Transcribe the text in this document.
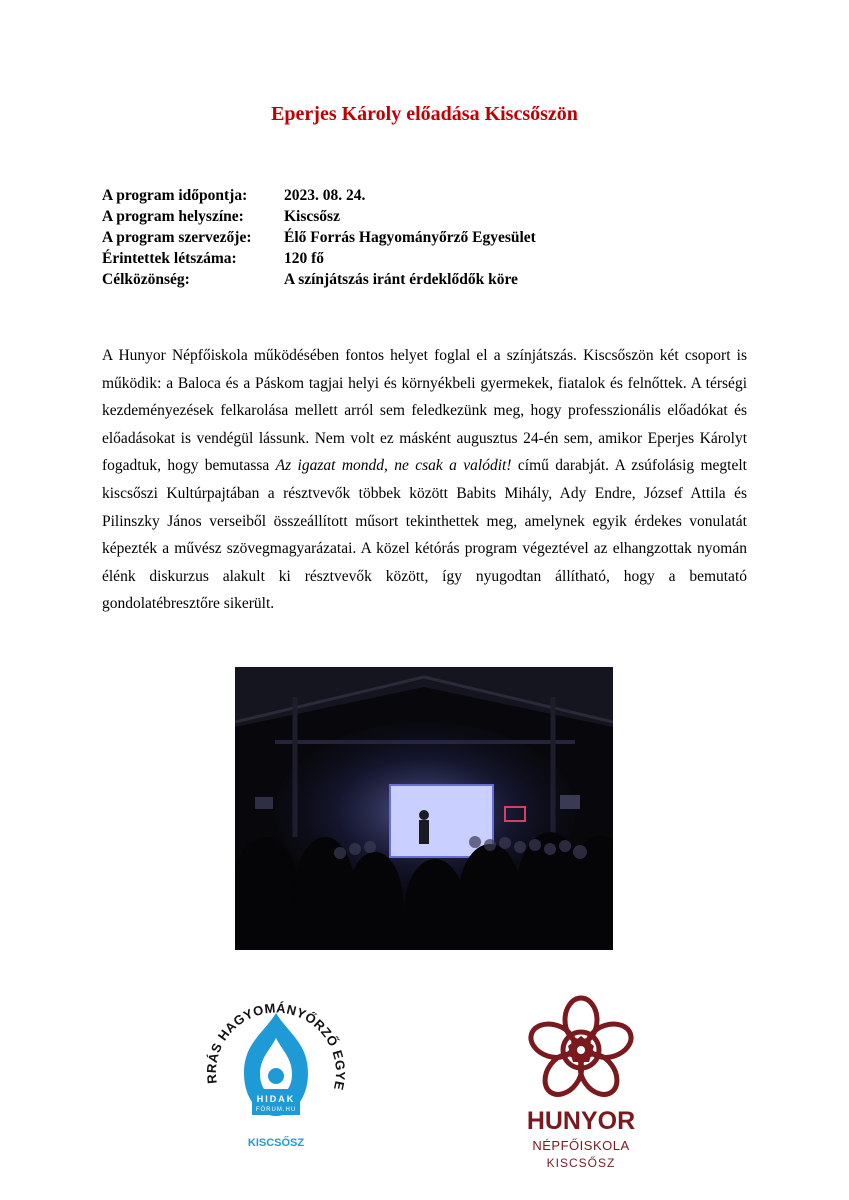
Eperjes Károly előadása Kiscsőszön
A program időpontja:	2023. 08. 24.
A program helyszíne:	Kiscsősz
A program szervezője:	Élő Forrás Hagyományőrző Egyesület
Érintettek létszáma:	120 fő
Célközönség:	A színjátszás iránt érdeklődők köre
A Hunyor Népfőiskola működésében fontos helyet foglal el a színjátszás. Kiscsőszön két csoport is működik: a Baloca és a Páskom tagjai helyi és környékbeli gyermekek, fiatalok és felnőttek. A térségi kezdeményezések felkarolása mellett arról sem feledkezünk meg, hogy professzionális előadókat és előadásokat is vendégül lássunk. Nem volt ez másként augusztus 24-én sem, amikor Eperjes Károlyt fogadtuk, hogy bemutassa Az igazat mondd, ne csak a valódit! című darabját. A zsúfolásig megtelt kiscsőszi Kultúrpajtában a résztvevők többek között Babits Mihály, Ady Endre, József Attila és Pilinszky János verseiből összeállított műsort tekinthettek meg, amelynek egyik érdekes vonulatát képezték a művész szövegmagyarázatai. A közel kétórás program végeztével az elhangzottak nyomán élénk diskurzus alakult ki résztvevők között, így nyugodtan állítható, hogy a bemutató gondolatébresztőre sikerült.
RRÁS HAGYOMÁNYŐRZŐ EGYE
HIDAK
FÓRUM.HU
KISCSŐSZ
HUNYOR
NÉPFŐISKOLA
KISCSŐSZ
